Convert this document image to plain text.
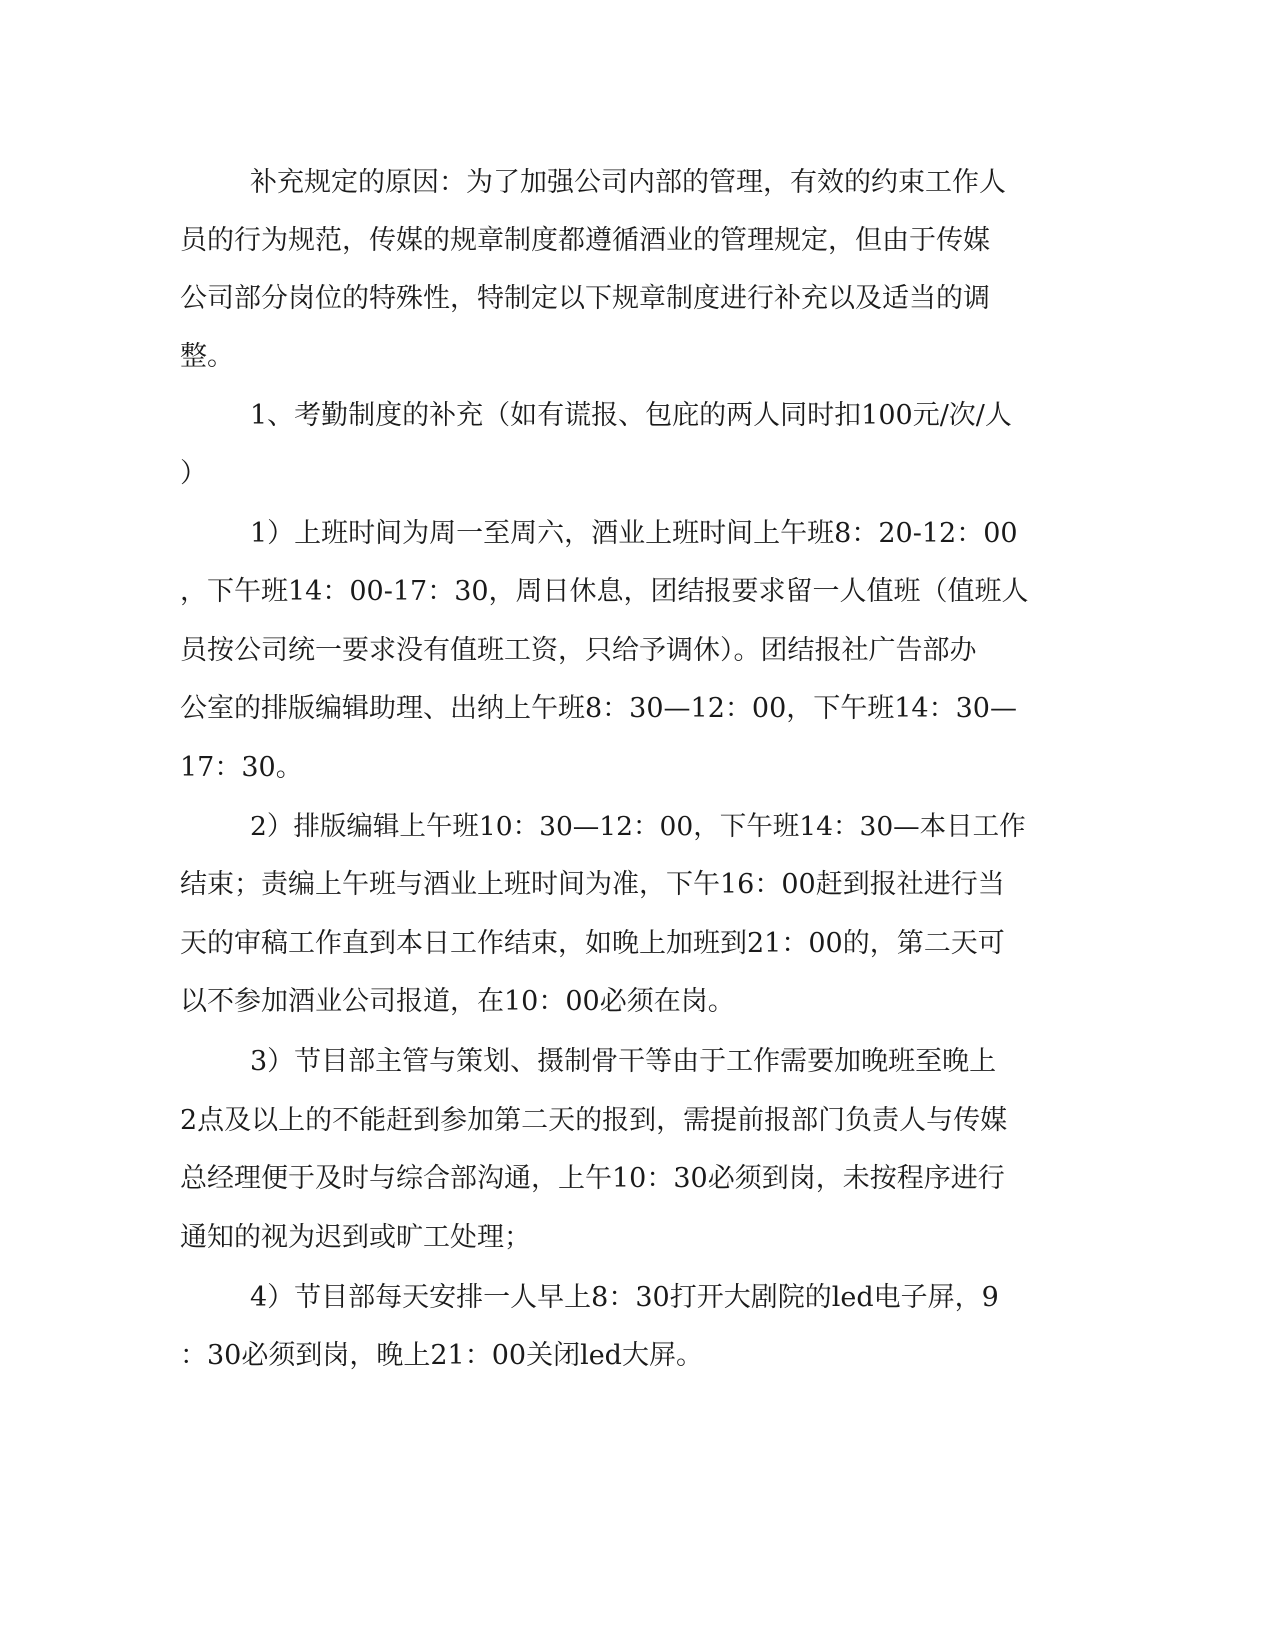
补充规定的原因：为了加强公司内部的管理，有效的约束工作人
员的行为规范，传媒的规章制度都遵循酒业的管理规定，但由于传媒
公司部分岗位的特殊性，特制定以下规章制度进行补充以及适当的调
整。
1、考勤制度的补充（如有谎报、包庇的两人同时扣100元/次/人
）
1）上班时间为周一至周六，酒业上班时间上午班8：20-12：00
，下午班14：00-17：30，周日休息，团结报要求留一人值班（值班人
员按公司统一要求没有值班工资，只给予调休）。团结报社广告部办
公室的排版编辑助理、出纳上午班8：30—12：00，下午班14：30—
17：30。
2）排版编辑上午班10：30—12：00，下午班14：30—本日工作
结束；责编上午班与酒业上班时间为准，下午16：00赶到报社进行当
天的审稿工作直到本日工作结束，如晚上加班到21：00的，第二天可
以不参加酒业公司报道，在10：00必须在岗。
3）节目部主管与策划、摄制骨干等由于工作需要加晚班至晚上
2点及以上的不能赶到参加第二天的报到，需提前报部门负责人与传媒
总经理便于及时与综合部沟通，上午10：30必须到岗，未按程序进行
通知的视为迟到或旷工处理；
4）节目部每天安排一人早上8：30打开大剧院的led电子屏，9
：30必须到岗，晚上21：00关闭led大屏。
